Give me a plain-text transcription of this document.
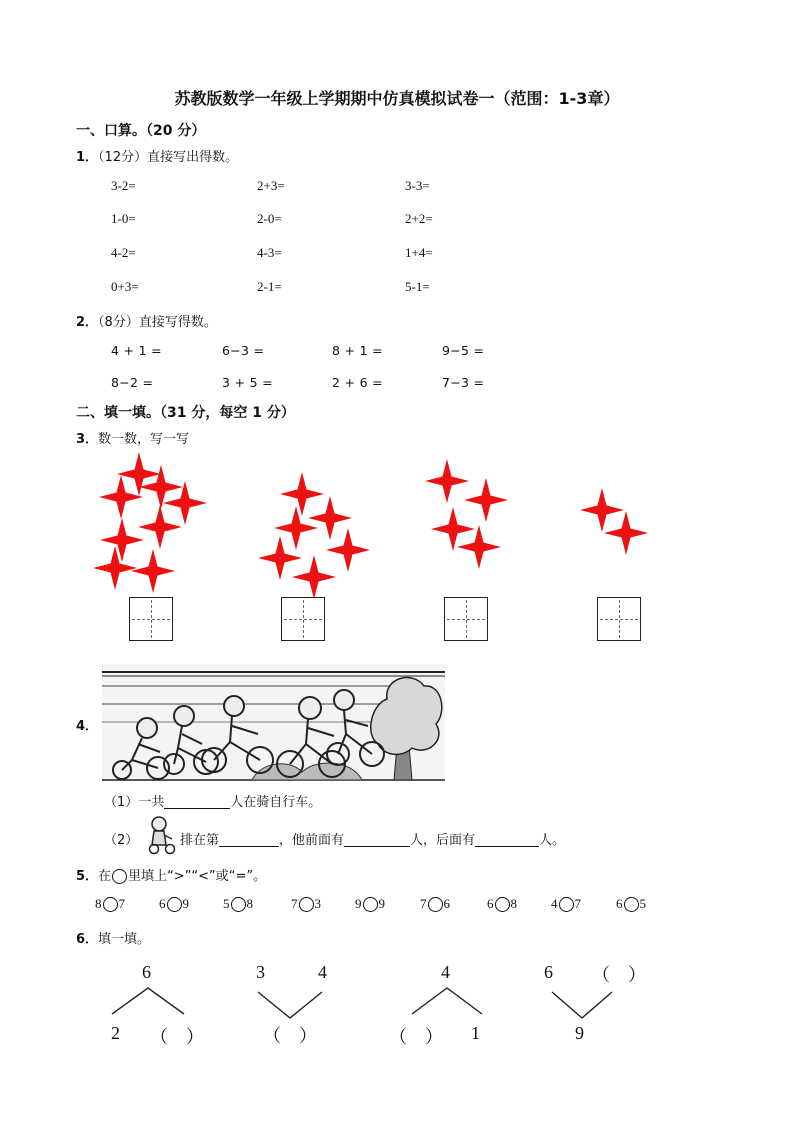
苏教版数学一年级上学期期中仿真模拟试卷一（范围：1-3章）
一、口算。（20 分）
1．（12分）直接写出得数。
3-2=	2+3=	3-3=
1-0=	2-0=	2+2=
4-2=	4-3=	1+4=
0+3=	2-1=	5-1=
2．（8分）直接写得数。
4 + 1 =	6−3 =	8 + 1 =	9−5 =
8−2 =	3 + 5 =	2 + 6 =	7−3 =
二、填一填。（31 分，每空 1 分）
3．数一数，写一写
4．
（1）一共	人在骑自行车。
（2）	排在第	，他前面有	人，后面有	人。
5．在 里填上“>”“<”或“=”。
8 7	6 9	5 8	7 3	9 9	7 6	6 8	4 7	6 5
6．填一填。
6
2 （　）
3	4
（　）
4
（　） 1
6 （　）
9
